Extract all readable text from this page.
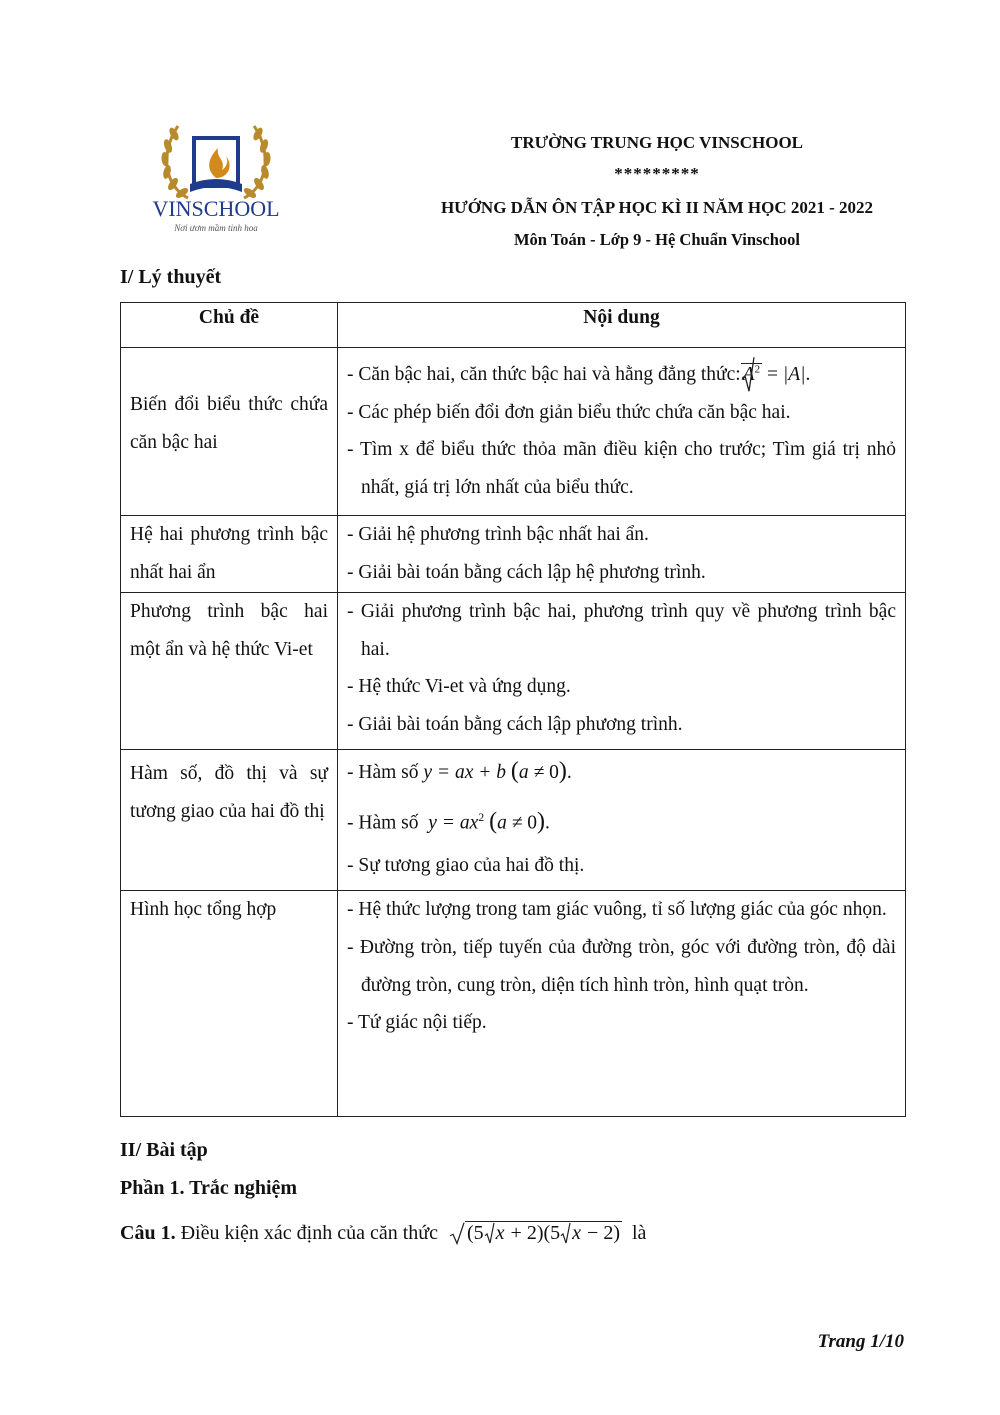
VINSCHOOL
Nơi ươm mầm tinh hoa
TRƯỜNG TRUNG HỌC VINSCHOOL
*********
HƯỚNG DẪN ÔN TẬP HỌC KÌ II NĂM HỌC 2021 - 2022
Môn Toán - Lớp 9 - Hệ Chuẩn Vinschool
I/ Lý thuyết
Chủ đề	Nội dung
Biến đổi biểu thức chứa căn bậc hai	- Căn bậc hai, căn thức bậc hai và hằng đẳng thức: $A^2 = |A|$.
- Các phép biến đổi đơn giản biểu thức chứa căn bậc hai.
- Tìm x để biểu thức thỏa mãn điều kiện cho trước; Tìm giá trị nhỏ nhất, giá trị lớn nhất của biểu thức.

Hệ hai phương trình bậc nhất hai ẩn	- Giải hệ phương trình bậc nhất hai ẩn.
- Giải bài toán bằng cách lập hệ phương trình.

Phương trình bậc hai một ẩn và hệ thức Vi-et	- Giải phương trình bậc hai, phương trình quy về phương trình bậc hai.
- Hệ thức Vi-et và ứng dụng.
- Giải bài toán bằng cách lập phương trình.

Hàm số, đồ thị và sự tương giao của hai đồ thị	- Hàm số y = ax + b (a ≠ 0).
- Hàm số $y = ax^2$ (a ≠ 0).
- Sự tương giao của hai đồ thị.

Hình học tổng hợp	- Hệ thức lượng trong tam giác vuông, tỉ số lượng giác của góc nhọn.
- Đường tròn, tiếp tuyến của đường tròn, góc với đường tròn, độ dài đường tròn, cung tròn, diện tích hình tròn, hình quạt tròn.
- Tứ giác nội tiếp.
II/ Bài tập
Phần 1. Trắc nghiệm
Câu 1. Điều kiện xác định của căn thức (5 x + 2)(5 x − 2) là
Trang 1/10
